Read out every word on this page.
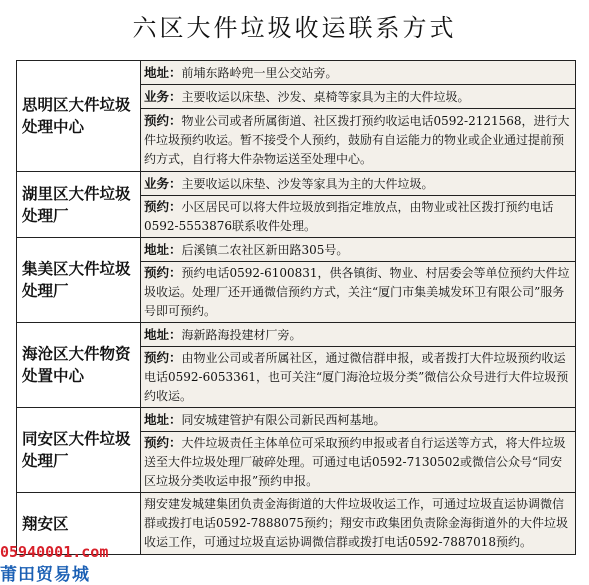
六区大件垃圾收运联系方式
思明区大件垃圾处理中心	地址：前埔东路岭兜一里公交站旁。
	业务：主要收运以床垫、沙发、桌椅等家具为主的大件垃圾。
	预约：物业公司或者所属街道、社区拨打预约收运电话0592-2121568，进行大件垃圾预约收运。暂不接受个人预约，鼓励有自运能力的物业或企业通过提前预约方式，自行将大件杂物运送至处理中心。
湖里区大件垃圾处理厂	业务：主要收运以床垫、沙发等家具为主的大件垃圾。
	预约：小区居民可以将大件垃圾放到指定堆放点，由物业或社区拨打预约电话0592-5553876联系收件处理。
集美区大件垃圾处理厂	地址：后溪镇二农社区新田路305号。
	预约：预约电话0592-6100831，供各镇街、物业、村居委会等单位预约大件垃圾收运。处理厂还开通微信预约方式，关注“厦门市集美城发环卫有限公司”服务号即可预约。
海沧区大件物资处置中心	地址：海新路海投建材厂旁。
	预约：由物业公司或者所属社区，通过微信群申报，或者拨打大件垃圾预约收运电话0592-6053361，也可关注“厦门海沧垃圾分类”微信公众号进行大件垃圾预约收运。
同安区大件垃圾处理厂	地址：同安城建管护有限公司新民西柯基地。
	预约：大件垃圾责任主体单位可采取预约申报或者自行运送等方式，将大件垃圾送至大件垃圾处理厂破碎处理。可通过电话0592-7130502或微信公众号“同安区垃圾分类收运申报”预约申报。
翔安区	翔安建发城建集团负责金海街道的大件垃圾收运工作，可通过垃圾直运协调微信群或拨打电话0592-7888075预约；翔安市政集团负责除金海街道外的大件垃圾收运工作，可通过垃圾直运协调微信群或拨打电话0592-7887018预约。
05940001.com
莆田贸易城
